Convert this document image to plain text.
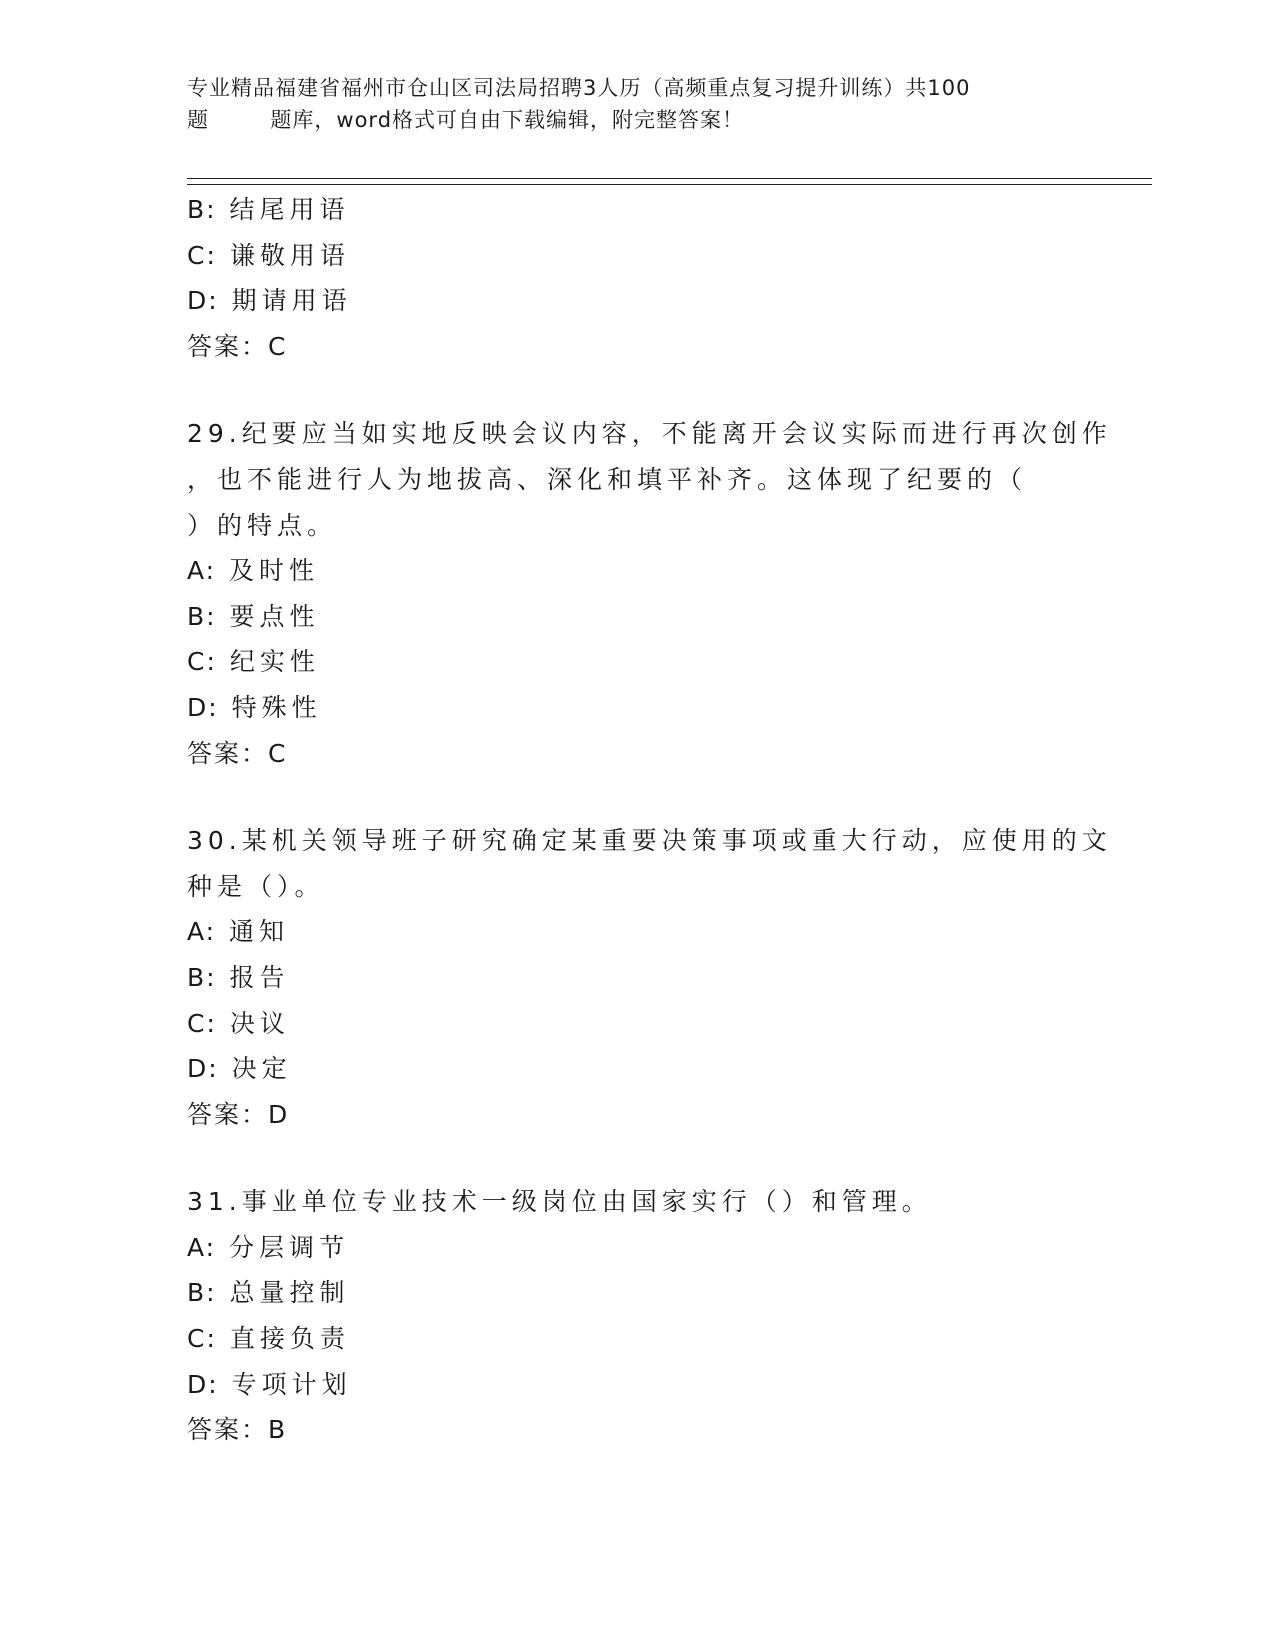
专业精品福建省福州市仓山区司法局招聘3人历（高频重点复习提升训练）共100
题        题库，word格式可自由下载编辑，附完整答案！
B: 结尾用语
C: 谦敬用语
D: 期请用语
答案：C
29.纪要应当如实地反映会议内容，不能离开会议实际而进行再次创作
，也不能进行人为地拔高、深化和填平补齐。这体现了纪要的（
）的特点。
A: 及时性
B: 要点性
C: 纪实性
D: 特殊性
答案：C
30.某机关领导班子研究确定某重要决策事项或重大行动，应使用的文
种是（）。
A: 通知
B: 报告
C: 决议
D: 决定
答案：D
31.事业单位专业技术一级岗位由国家实行（）和管理。
A: 分层调节
B: 总量控制
C: 直接负责
D: 专项计划
答案：B
